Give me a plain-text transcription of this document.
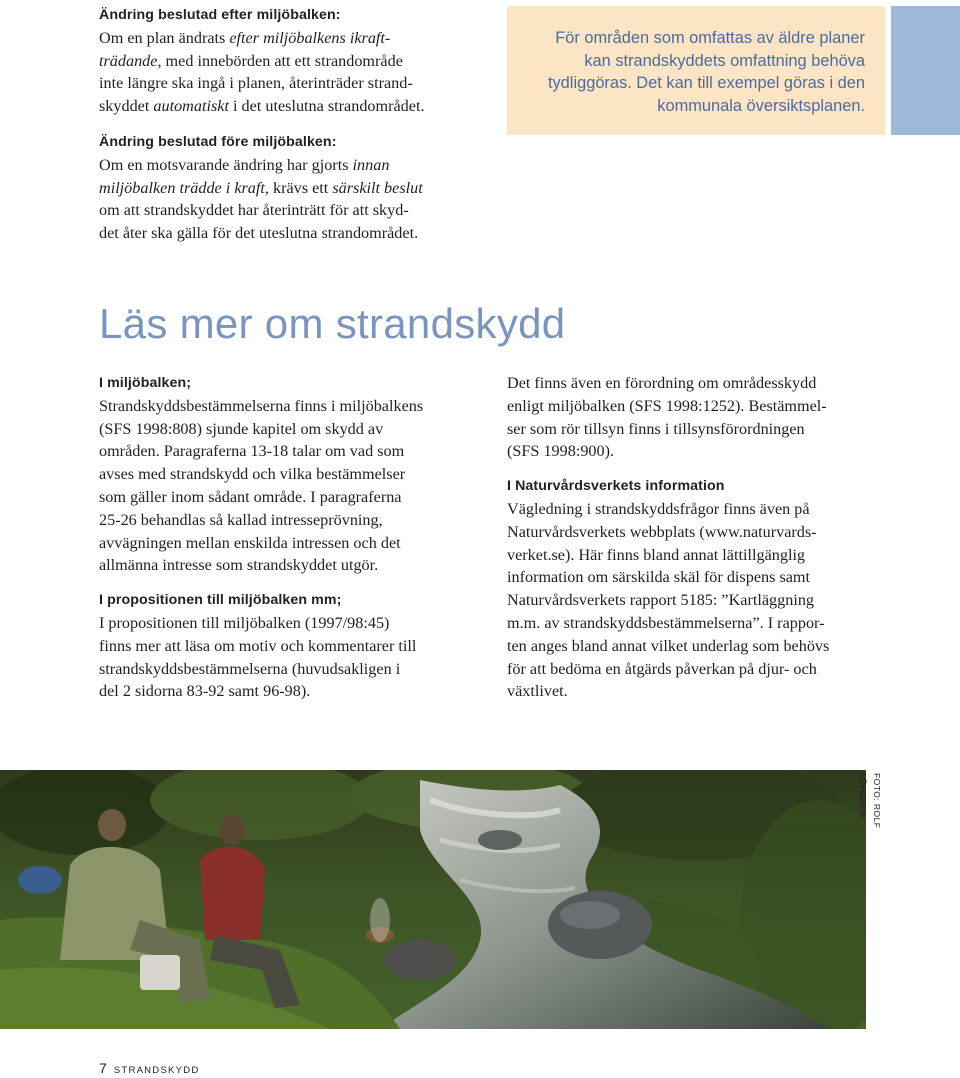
Ändring beslutad efter miljöbalken:

Om en plan ändrats efter miljöbalkens ikraft-
trädande, med innebörden att ett strandområde
inte längre ska ingå i planen, återinträder strand-
skyddet automatiskt i det uteslutna strandområdet.

Ändring beslutad före miljöbalken:

Om en motsvarande ändring har gjorts innan
miljöbalken trädde i kraft, krävs ett särskilt beslut
om att strandskyddet har återinträtt för att skyd-
det åter ska gälla för det uteslutna strandområdet.

För områden som omfattas av äldre planer
kan strandskyddets omfattning behöva
tydliggöras. Det kan till exempel göras i den
kommunala översiktsplanen.

Läs mer om strandskydd
I miljöbalken;

Strandskyddsbestämmelserna finns i miljöbalkens
(SFS 1998:808) sjunde kapitel om skydd av
områden. Paragraferna 13-18 talar om vad som
avses med strandskydd och vilka bestämmelser
som gäller inom sådant område. I paragraferna
25-26 behandlas så kallad intresseprövning,
avvägningen mellan enskilda intressen och det
allmänna intresse som strandskyddet utgör.

I propositionen till miljöbalken mm;

I propositionen till miljöbalken (1997/98:45)
finns mer att läsa om motiv och kommentarer till
strandskyddsbestämmelserna (huvudsakligen i
del 2 sidorna 83-92 samt 96-98).

Det finns även en förordning om områdesskydd
enligt miljöbalken (SFS 1998:1252). Bestämmel-
ser som rör tillsyn finns i tillsynsförordningen
(SFS 1998:900).

I Naturvårdsverkets information

Vägledning i strandskyddsfrågor finns även på
Naturvårdsverkets webbplats (www.naturvards-
verket.se). Här finns bland annat lättillgänglig
information om särskilda skäl för dispens samt
Naturvårdsverkets rapport 5185: ”Kartläggning
m.m. av strandskyddsbestämmelserna”. I rappor-
ten anges bland annat vilket underlag som behövs
för att bedöma en åtgärds påverkan på djur- och
växtlivet.

FOTO: ROLF LÖFGREN
7 STRANDSKYDD
